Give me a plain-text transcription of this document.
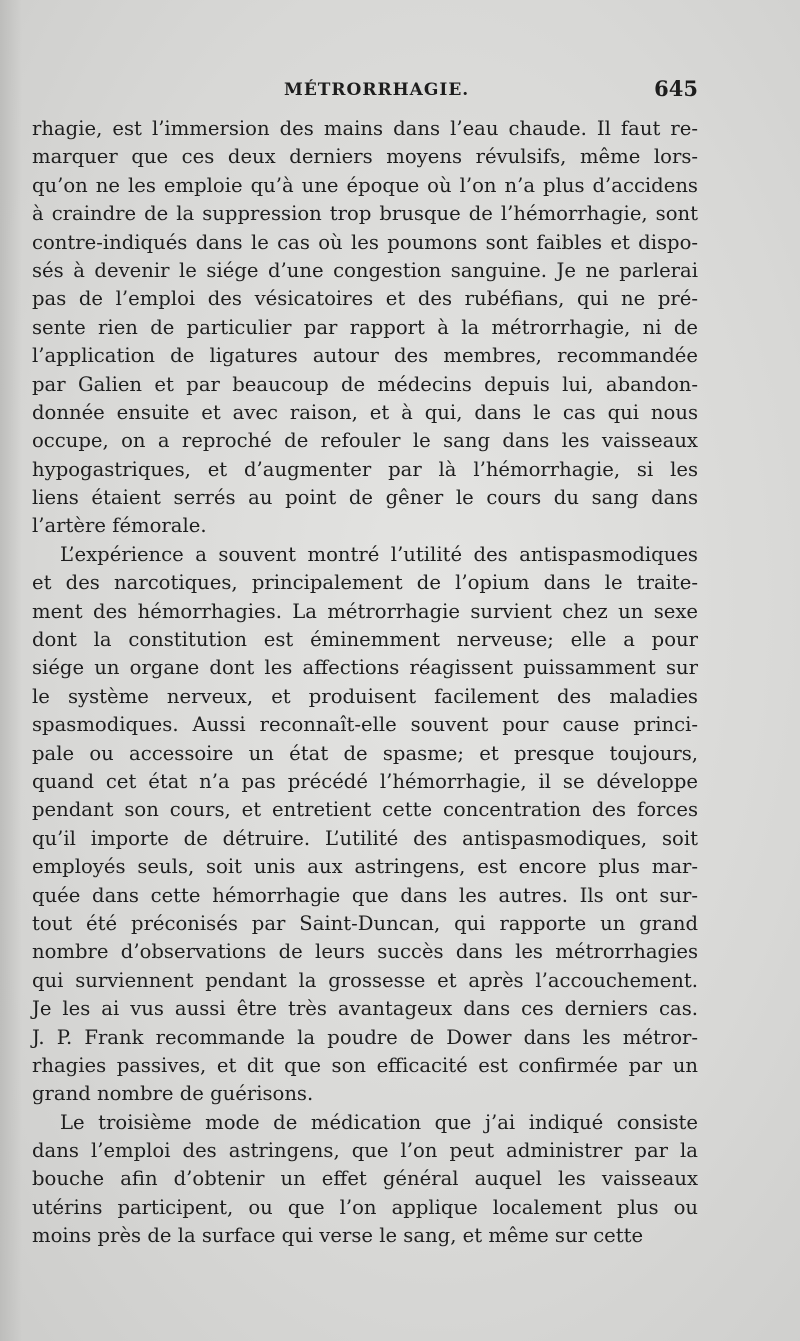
MÉTRORRHAGIE.	645
rhagie, est l’immersion des mains dans l’eau chaude. Il faut re-
marquer que ces deux derniers moyens révulsifs, même lors-
qu’on ne les emploie qu’à une époque où l’on n’a plus d’accidens
à craindre de la suppression trop brusque de l’hémorrhagie, sont
contre-indiqués dans le cas où les poumons sont faibles et dispo-
sés à devenir le siége d’une congestion sanguine. Je ne parlerai
pas de l’emploi des vésicatoires et des rubéfians, qui ne pré-
sente rien de particulier par rapport à la métrorrhagie, ni de
l’application de ligatures autour des membres, recommandée
par Galien et par beaucoup de médecins depuis lui, abandon-
donnée ensuite et avec raison, et à qui, dans le cas qui nous
occupe, on a reproché de refouler le sang dans les vaisseaux
hypogastriques, et d’augmenter par là l’hémorrhagie, si les
liens étaient serrés au point de gêner le cours du sang dans
l’artère fémorale.
L’expérience a souvent montré l’utilité des antispasmodiques
et des narcotiques, principalement de l’opium dans le traite-
ment des hémorrhagies. La métrorrhagie survient chez un sexe
dont la constitution est éminemment nerveuse; elle a pour
siége un organe dont les affections réagissent puissamment sur
le système nerveux, et produisent facilement des maladies
spasmodiques. Aussi reconnaît-elle souvent pour cause princi-
pale ou accessoire un état de spasme; et presque toujours,
quand cet état n’a pas précédé l’hémorrhagie, il se développe
pendant son cours, et entretient cette concentration des forces
qu’il importe de détruire. L’utilité des antispasmodiques, soit
employés seuls, soit unis aux astringens, est encore plus mar-
quée dans cette hémorrhagie que dans les autres. Ils ont sur-
tout été préconisés par Saint-Duncan, qui rapporte un grand
nombre d’observations de leurs succès dans les métrorrhagies
qui surviennent pendant la grossesse et après l’accouchement.
Je les ai vus aussi être très avantageux dans ces derniers cas.
J. P. Frank recommande la poudre de Dower dans les métror-
rhagies passives, et dit que son efficacité est confirmée par un
grand nombre de guérisons.
Le troisième mode de médication que j’ai indiqué consiste
dans l’emploi des astringens, que l’on peut administrer par la
bouche afin d’obtenir un effet général auquel les vaisseaux
utérins participent, ou que l’on applique localement plus ou
moins près de la surface qui verse le sang, et même sur cette
